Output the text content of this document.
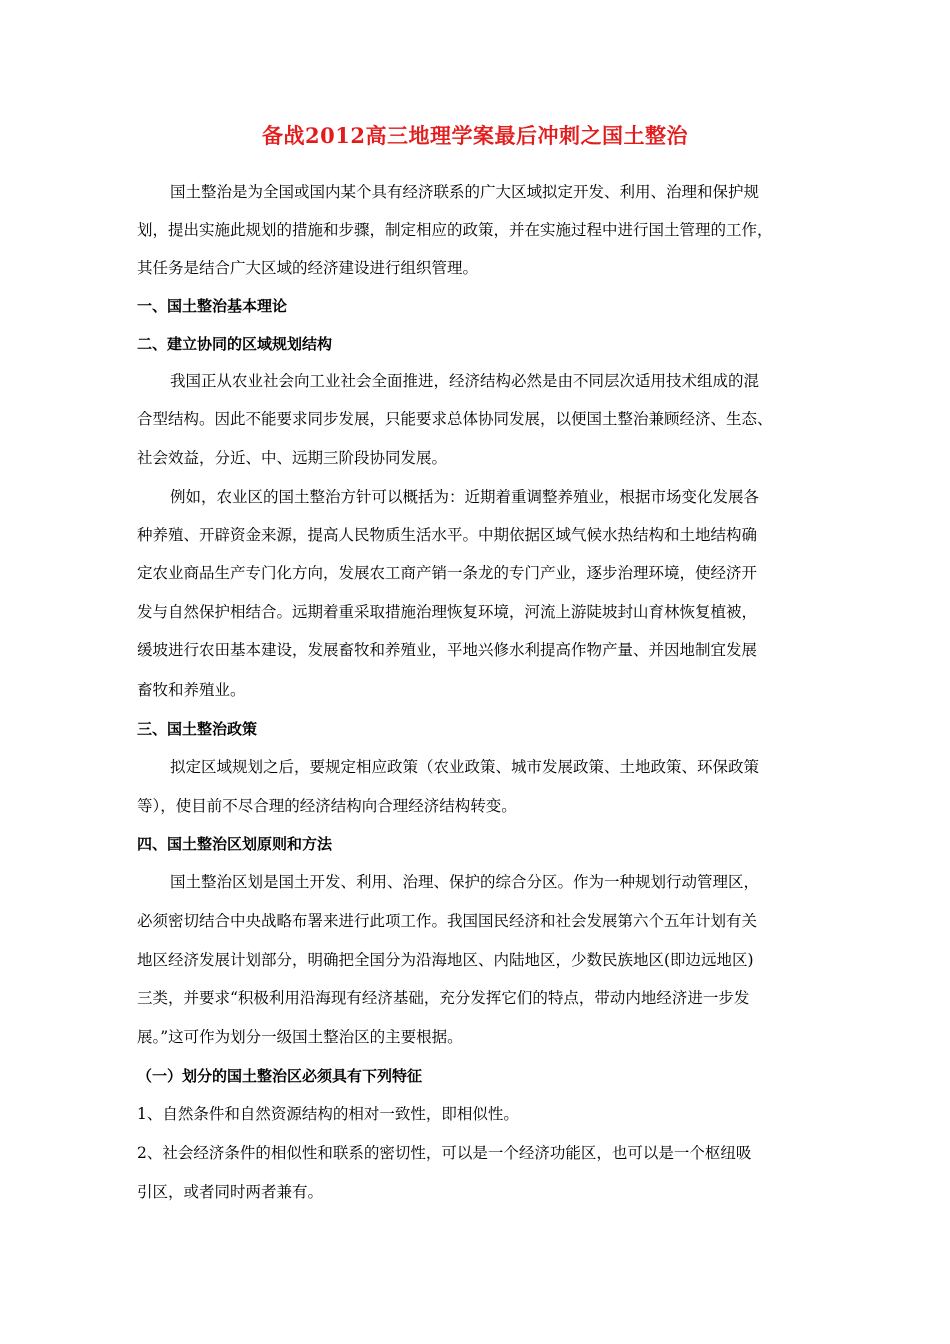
备战2012高三地理学案最后冲刺之国土整治
国土整治是为全国或国内某个具有经济联系的广大区域拟定开发、利用、治理和保护规
划，提出实施此规划的措施和步骤，制定相应的政策，并在实施过程中进行国土管理的工作，
其任务是结合广大区域的经济建设进行组织管理。
一、国土整治基本理论
二、建立协同的区域规划结构
我国正从农业社会向工业社会全面推进，经济结构必然是由不同层次适用技术组成的混
合型结构。因此不能要求同步发展，只能要求总体协同发展，以便国土整治兼顾经济、生态、
社会效益，分近、中、远期三阶段协同发展。
例如，农业区的国土整治方针可以概括为：近期着重调整养殖业，根据市场变化发展各
种养殖、开辟资金来源，提高人民物质生活水平。中期依据区域气候水热结构和土地结构确
定农业商品生产专门化方向，发展农工商产销一条龙的专门产业，逐步治理环境，使经济开
发与自然保护相结合。远期着重采取措施治理恢复环境，河流上游陡坡封山育林恢复植被，
缓坡进行农田基本建设，发展畜牧和养殖业，平地兴修水利提高作物产量、并因地制宜发展
畜牧和养殖业。
三、国土整治政策
拟定区域规划之后，要规定相应政策（农业政策、城市发展政策、土地政策、环保政策
等），使目前不尽合理的经济结构向合理经济结构转变。
四、国土整治区划原则和方法
国土整治区划是国土开发、利用、治理、保护的综合分区。作为一种规划行动管理区，
必须密切结合中央战略布署来进行此项工作。我国国民经济和社会发展第六个五年计划有关
地区经济发展计划部分，明确把全国分为沿海地区、内陆地区，少数民族地区(即边远地区)
三类，并要求“积极利用沿海现有经济基础，充分发挥它们的特点，带动内地经济进一步发
展。”这可作为划分一级国土整治区的主要根据。
（一）划分的国土整治区必须具有下列特征
1、自然条件和自然资源结构的相对一致性，即相似性。
2、社会经济条件的相似性和联系的密切性，可以是一个经济功能区，也可以是一个枢纽吸
引区，或者同时两者兼有。
